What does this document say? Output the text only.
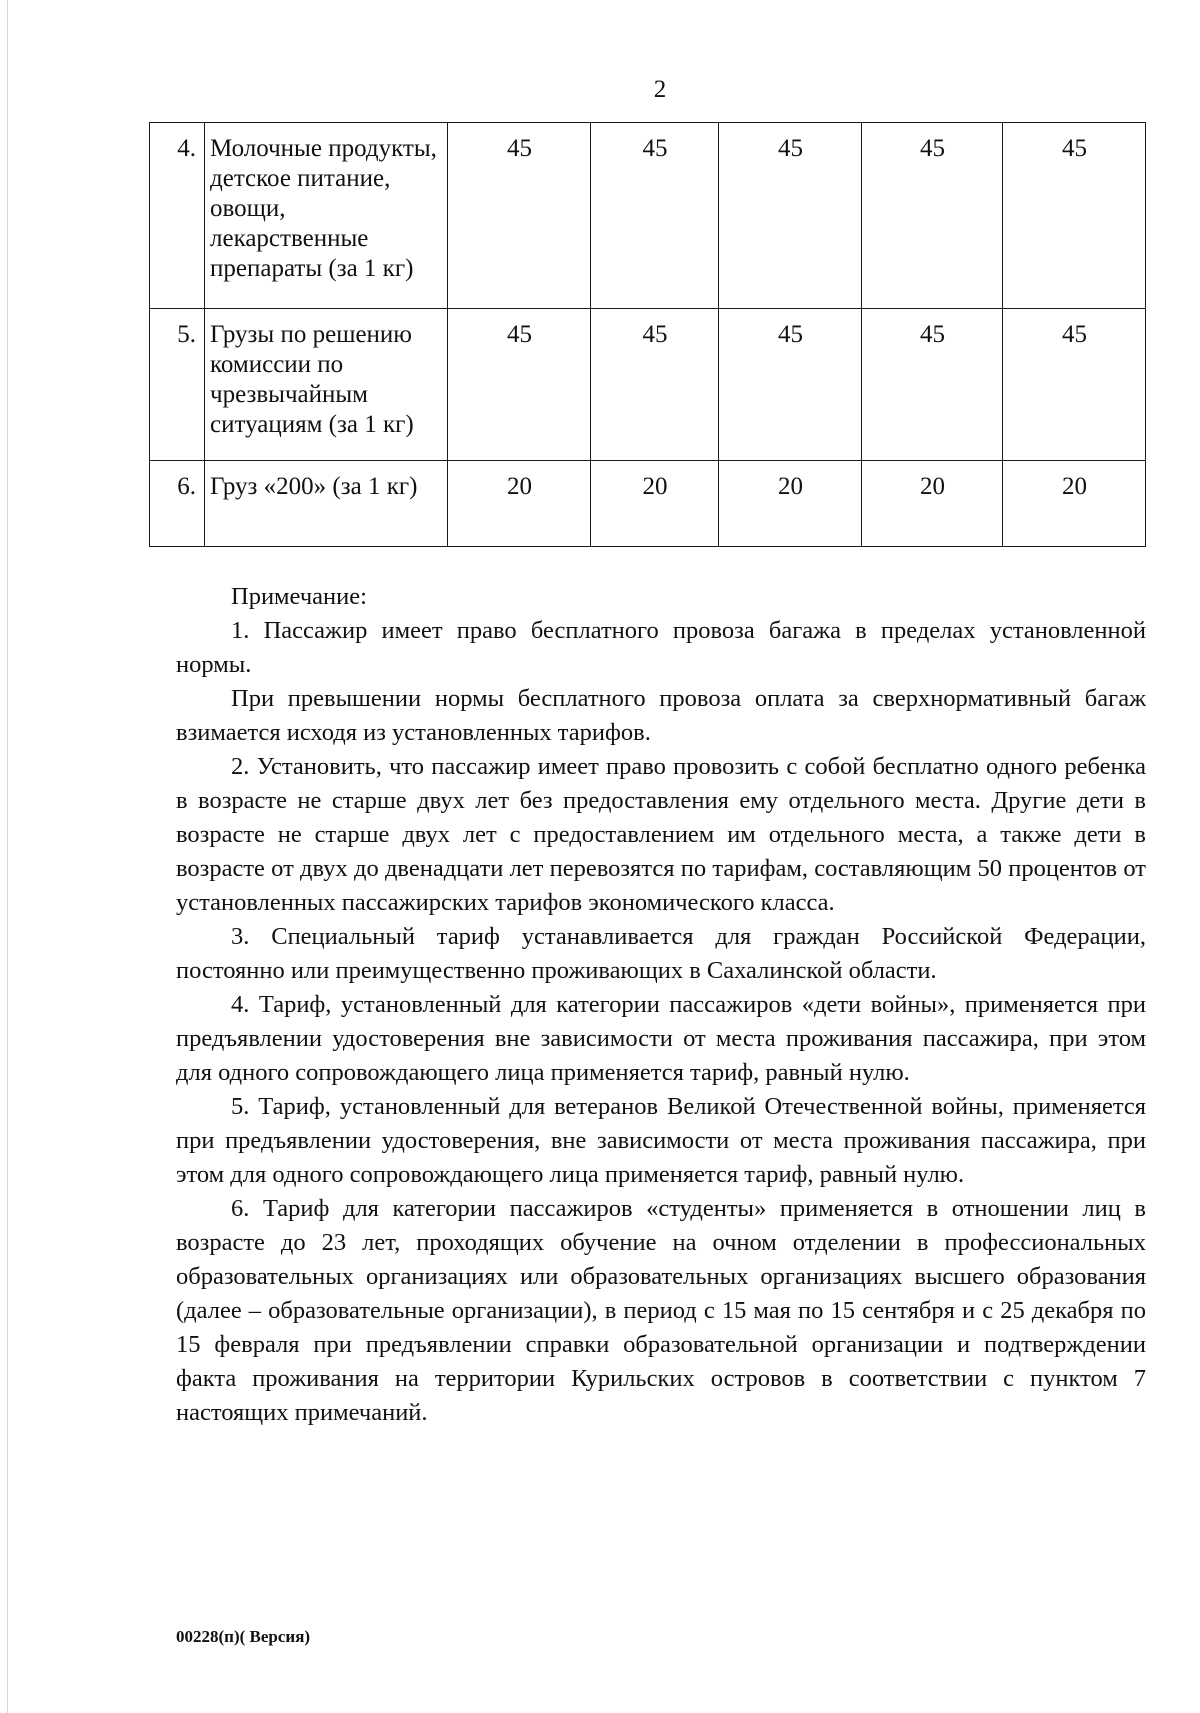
2
4.	Молочные продукты, детское питание, овощи, лекарственные препараты (за 1 кг)	45	45	45	45	45
5.	Грузы по решению комиссии по чрезвычайным ситуациям (за 1 кг)	45	45	45	45	45
6.	Груз «200» (за 1 кг)	20	20	20	20	20

Примечание:

1. Пассажир имеет право бесплатного провоза багажа в пределах установленной нормы.

При превышении нормы бесплатного провоза оплата за сверхнормативный багаж взимается исходя из установленных тарифов.

2. Установить, что пассажир имеет право провозить с собой бесплатно одного ребенка в возрасте не старше двух лет без предоставления ему отдельного места. Другие дети в возрасте не старше двух лет с предоставлением им отдельного места, а также дети в возрасте от двух до двенадцати лет перевозятся по тарифам, составляющим 50 процентов от установленных пассажирских тарифов экономического класса.

3. Специальный тариф устанавливается для граждан Российской Федерации, постоянно или преимущественно проживающих в Сахалинской области.

4. Тариф, установленный для категории пассажиров «дети войны», применяется при предъявлении удостоверения вне зависимости от места проживания пассажира, при этом для одного сопровождающего лица применяется тариф, равный нулю.

5. Тариф, установленный для ветеранов Великой Отечественной войны, применяется при предъявлении удостоверения, вне зависимости от места проживания пассажира, при этом для одного сопровождающего лица применяется тариф, равный нулю.

6. Тариф для категории пассажиров «студенты» применяется в отношении лиц в возрасте до 23 лет, проходящих обучение на очном отделении в профессиональных образовательных организациях или образовательных организациях высшего образования (далее – образовательные организации), в период с 15 мая по 15 сентября и с 25 декабря по 15 февраля при предъявлении справки образовательной организации и подтверждении факта проживания на территории Курильских островов в соответствии с пунктом 7 настоящих примечаний.

00228(п)( Версия)
